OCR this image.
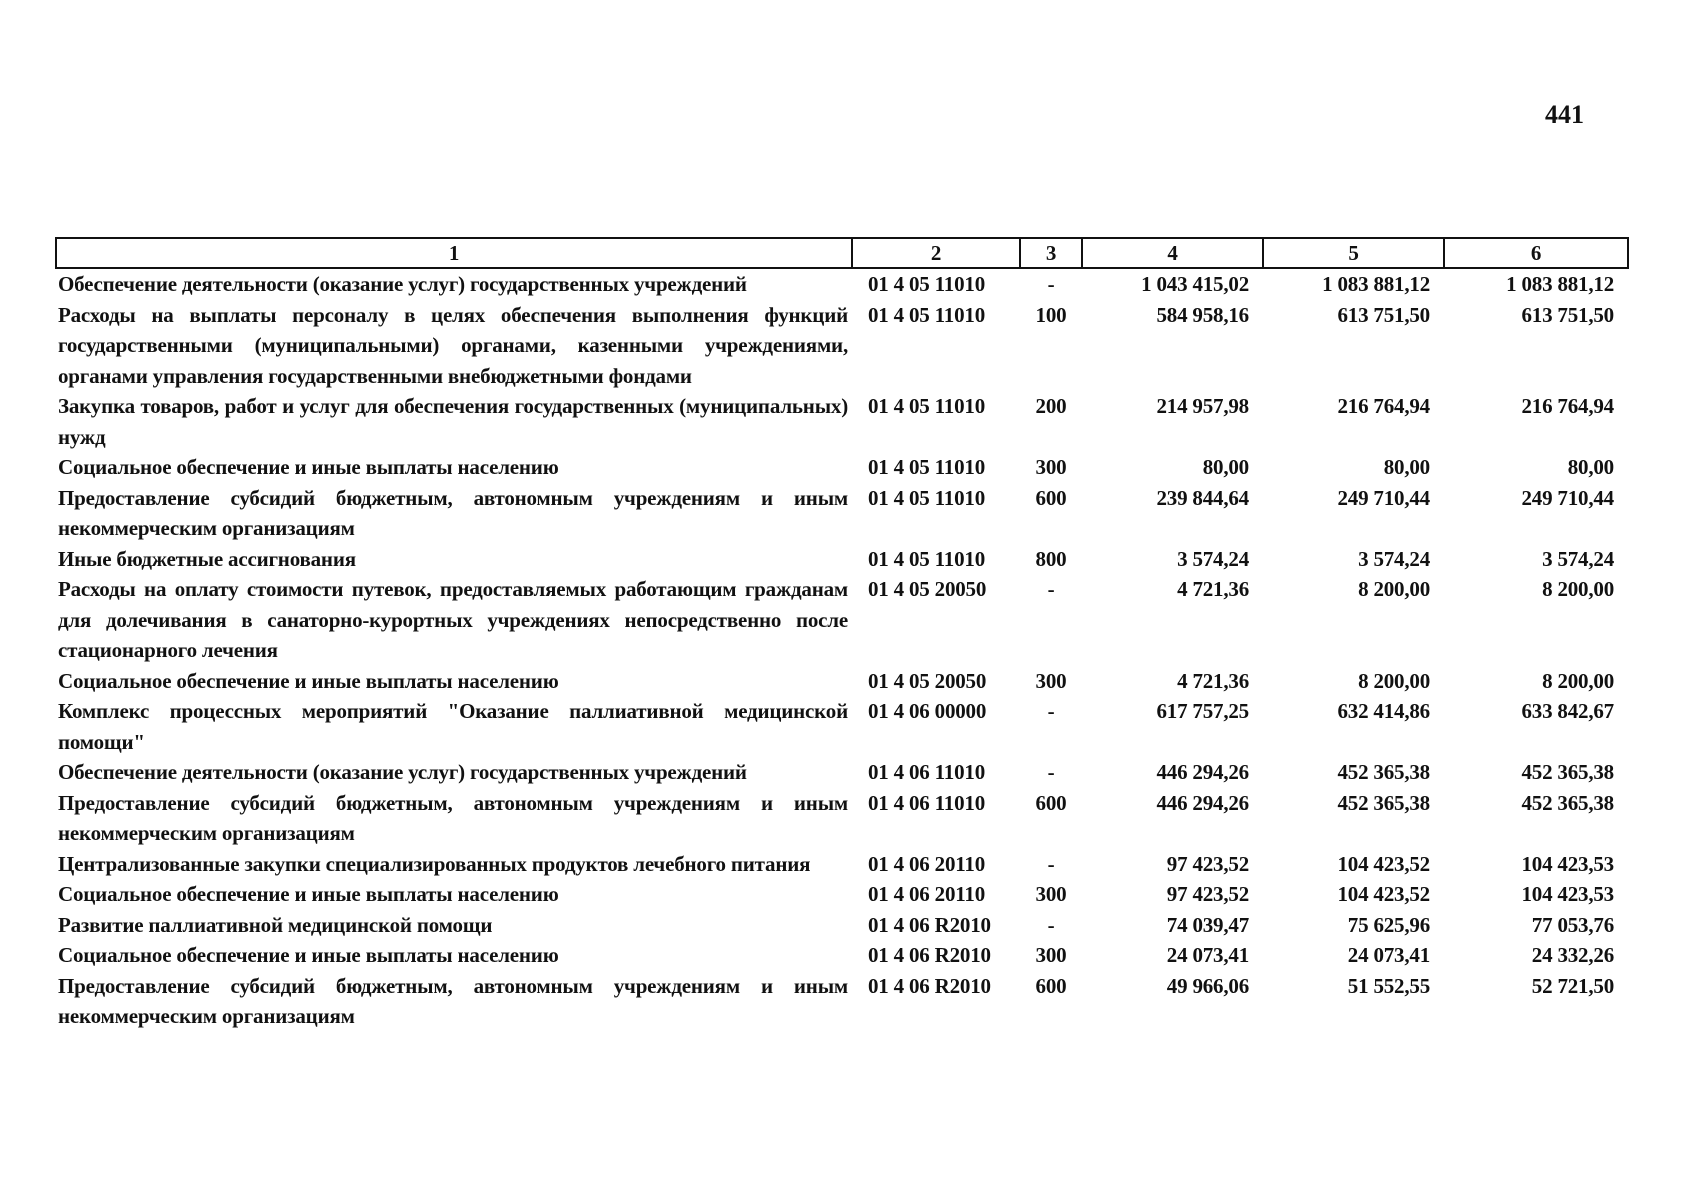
441
1	2	3	4	5	6
Обеспечение деятельности (оказание услуг) государственных учреждений	01 4 05 11010	-	1 043 415,02	1 083 881,12	1 083 881,12
Расходы на выплаты персоналу в целях обеспечения выполнения функций государственными (муниципальными) органами, казенными учреждениями, органами управления государственными внебюджетными фондами	01 4 05 11010	100	584 958,16	613 751,50	613 751,50
Закупка товаров, работ и услуг для обеспечения государственных (муниципальных) нужд	01 4 05 11010	200	214 957,98	216 764,94	216 764,94
Социальное обеспечение и иные выплаты населению	01 4 05 11010	300	80,00	80,00	80,00
Предоставление субсидий бюджетным, автономным учреждениям и иным некоммерческим организациям	01 4 05 11010	600	239 844,64	249 710,44	249 710,44
Иные бюджетные ассигнования	01 4 05 11010	800	3 574,24	3 574,24	3 574,24
Расходы на оплату стоимости путевок, предоставляемых работающим гражданам для долечивания в санаторно-курортных учреждениях непосредственно после стационарного лечения	01 4 05 20050	-	4 721,36	8 200,00	8 200,00
Социальное обеспечение и иные выплаты населению	01 4 05 20050	300	4 721,36	8 200,00	8 200,00
Комплекс процессных мероприятий "Оказание паллиативной медицинской помощи"	01 4 06 00000	-	617 757,25	632 414,86	633 842,67
Обеспечение деятельности (оказание услуг) государственных учреждений	01 4 06 11010	-	446 294,26	452 365,38	452 365,38
Предоставление субсидий бюджетным, автономным учреждениям и иным некоммерческим организациям	01 4 06 11010	600	446 294,26	452 365,38	452 365,38
Централизованные закупки специализированных продуктов лечебного питания	01 4 06 20110	-	97 423,52	104 423,52	104 423,53
Социальное обеспечение и иные выплаты населению	01 4 06 20110	300	97 423,52	104 423,52	104 423,53
Развитие паллиативной медицинской помощи	01 4 06 R2010	-	74 039,47	75 625,96	77 053,76
Социальное обеспечение и иные выплаты населению	01 4 06 R2010	300	24 073,41	24 073,41	24 332,26
Предоставление субсидий бюджетным, автономным учреждениям и иным некоммерческим организациям	01 4 06 R2010	600	49 966,06	51 552,55	52 721,50
